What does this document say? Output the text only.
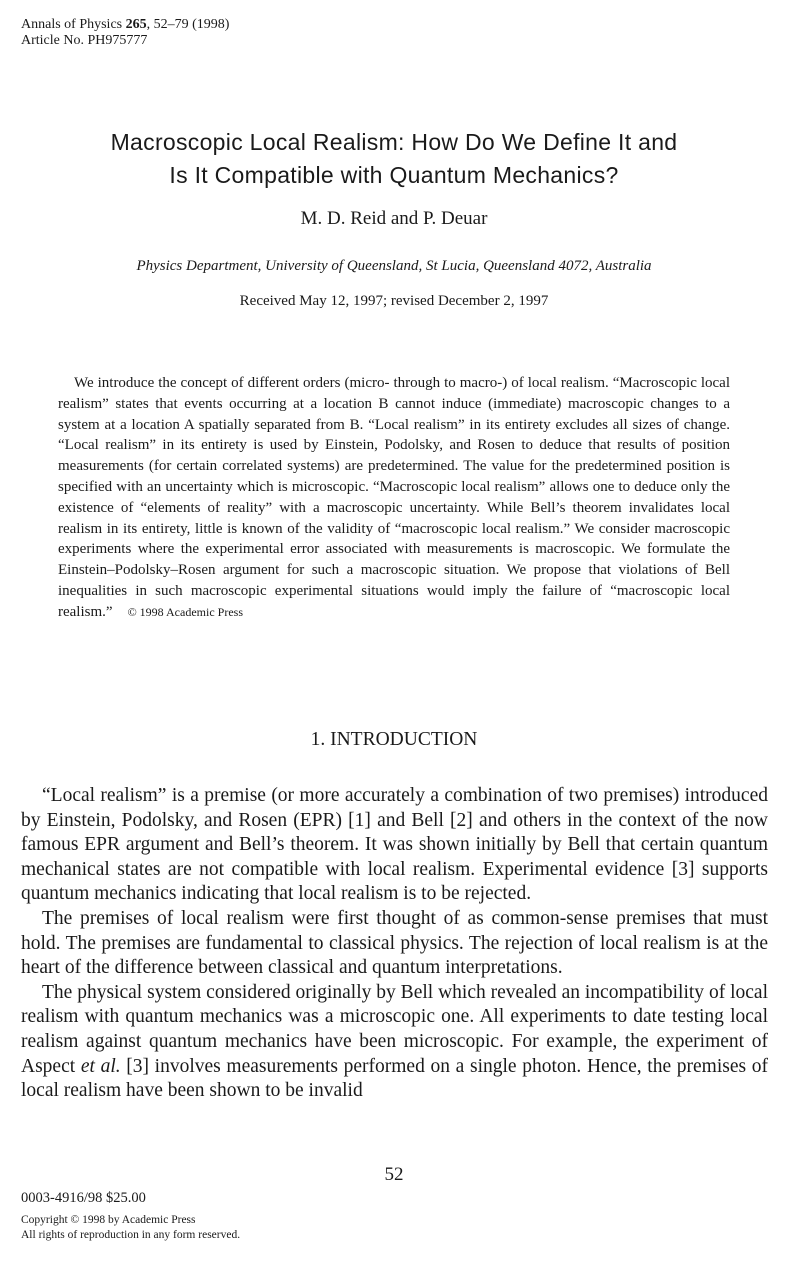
Annals of Physics 265, 52–79 (1998)
Article No. PH975777
Macroscopic Local Realism: How Do We Define It and
Is It Compatible with Quantum Mechanics?
M. D. Reid and P. Deuar
Physics Department, University of Queensland, St Lucia, Queensland 4072, Australia
Received May 12, 1997; revised December 2, 1997

We introduce the concept of different orders (micro- through to macro-) of local realism. “Macroscopic local realism” states that events occurring at a location B cannot induce (immediate) macroscopic changes to a system at a location A spatially separated from B. “Local realism” in its entirety excludes all sizes of change. “Local realism” in its entirety is used by Einstein, Podolsky, and Rosen to deduce that results of position measurements (for certain correlated systems) are predetermined. The value for the predetermined position is specified with an uncertainty which is microscopic. “Macroscopic local realism” allows one to deduce only the existence of “elements of reality” with a macroscopic uncertainty. While Bell’s theorem invalidates local realism in its entirety, little is known of the validity of “macroscopic local realism.” We consider macroscopic experiments where the experimental error associated with measurements is macroscopic. We formulate the Einstein–Podolsky–Rosen argument for such a macroscopic situation. We propose that violations of Bell inequalities in such macroscopic experimental situations would imply the failure of “macroscopic local realism.” © 1998 Academic Press

1. INTRODUCTION

“Local realism” is a premise (or more accurately a combination of two premises) introduced by Einstein, Podolsky, and Rosen (EPR) [1] and Bell [2] and others in the context of the now famous EPR argument and Bell’s theorem. It was shown initially by Bell that certain quantum mechanical states are not compatible with local realism. Experimental evidence [3] supports quantum mechanics indicating that local realism is to be rejected.

The premises of local realism were first thought of as common-sense premises that must hold. The premises are fundamental to classical physics. The rejection of local realism is at the heart of the difference between classical and quantum interpretations.

The physical system considered originally by Bell which revealed an incompatibility of local realism with quantum mechanics was a microscopic one. All experiments to date testing local realism against quantum mechanics have been microscopic. For example, the experiment of Aspect et al. [3] involves measurements performed on a single photon. Hence, the premises of local realism have been shown to be invalid

52
0003-4916/98 $25.00
Copyright © 1998 by Academic Press
All rights of reproduction in any form reserved.
